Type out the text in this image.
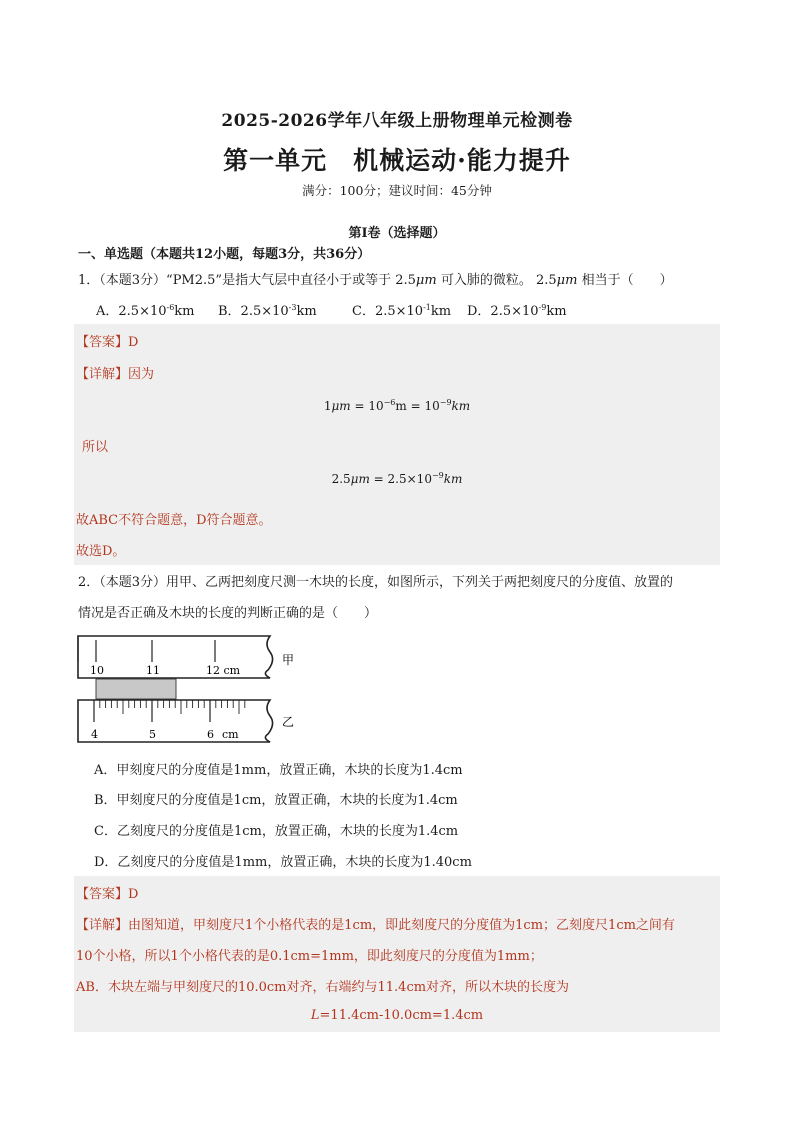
2025-2026学年八年级上册物理单元检测卷
第一单元　机械运动·能力提升
满分：100分；建议时间：45分钟
第Ⅰ卷（选择题）
一、单选题（本题共12小题，每题3分，共36分）
1．（本题3分）“PM2.5”是指大气层中直径小于或等于 2.5μm 可入肺的微粒。 2.5μm 相当于（　　）
A．$2.5\times 10^{-6}km$ B．$2.5\times 10^{-3}km$	C．$2.5\times 10^{-1}km$ D．$2.5\times 10^{-9}km$
【答案】D
【详解】因为
$1\mu m = 10^{-6}m = 10^{-9}km$
所以
$2.5\mu m = 2.5\times 10^{-9}km$
故ABC不符合题意，D符合题意。
故选D。
2．（本题3分）用甲、乙两把刻度尺测一木块的长度，如图所示，下列关于两把刻度尺的分度值、放置的
情况是否正确及木块的长度的判断正确的是（　　）
10	11	12 cm
甲
4	5	6 cm
乙
A．甲刻度尺的分度值是1mm，放置正确，木块的长度为1.4cm
B．甲刻度尺的分度值是1cm，放置正确，木块的长度为1.4cm
C．乙刻度尺的分度值是1cm，放置正确，木块的长度为1.4cm
D．乙刻度尺的分度值是1mm，放置正确，木块的长度为1.40cm
【答案】D
【详解】由图知道，甲刻度尺1个小格代表的是1cm，即此刻度尺的分度值为1cm；乙刻度尺1cm之间有
10个小格，所以1个小格代表的是0.1cm=1mm，即此刻度尺的分度值为1mm；
AB．木块左端与甲刻度尺的10.0cm对齐，右端约与11.4cm对齐，所以木块的长度为
L=11.4cm-10.0cm=1.4cm
